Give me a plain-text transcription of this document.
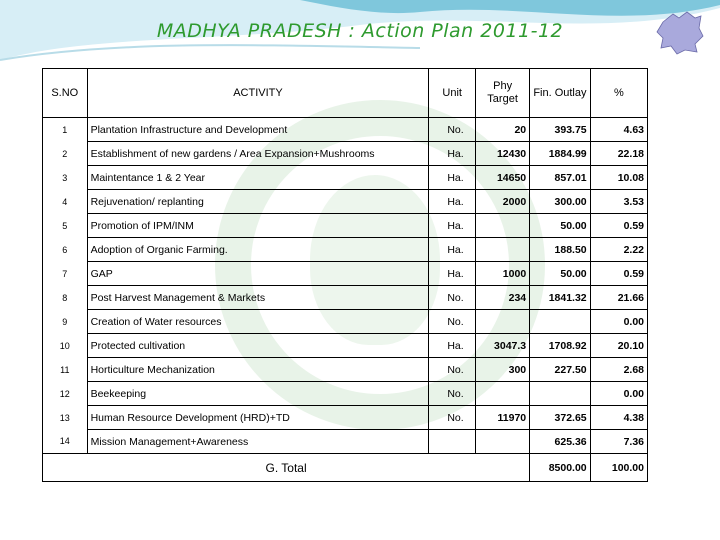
MADHYA PRADESH : Action Plan 2011-12
S.NO	ACTIVITY	Unit	Phy Target	Fin. Outlay	%
1	Plantation Infrastructure and Development	No.	20	393.75	4.63
2	Establishment of new gardens / Area Expansion+Mushrooms	Ha.	12430	1884.99	22.18
3	Maintentance 1 & 2 Year	Ha.	14650	857.01	10.08
4	Rejuvenation/ replanting	Ha.	2000	300.00	3.53
5	Promotion of IPM/INM	Ha.		50.00	0.59
6	Adoption of Organic Farming.	Ha.		188.50	2.22
7	GAP	Ha.	1000	50.00	0.59
8	Post Harvest Management & Markets	No.	234	1841.32	21.66
9	Creation of Water resources	No.			0.00
10	Protected cultivation	Ha.	3047.3	1708.92	20.10
11	Horticulture Mechanization	No.	300	227.50	2.68
12	Beekeeping	No.			0.00
13	Human Resource Development (HRD)+TD	No.	11970	372.65	4.38
14	Mission Management+Awareness			625.36	7.36
G. Total				8500.00	100.00
